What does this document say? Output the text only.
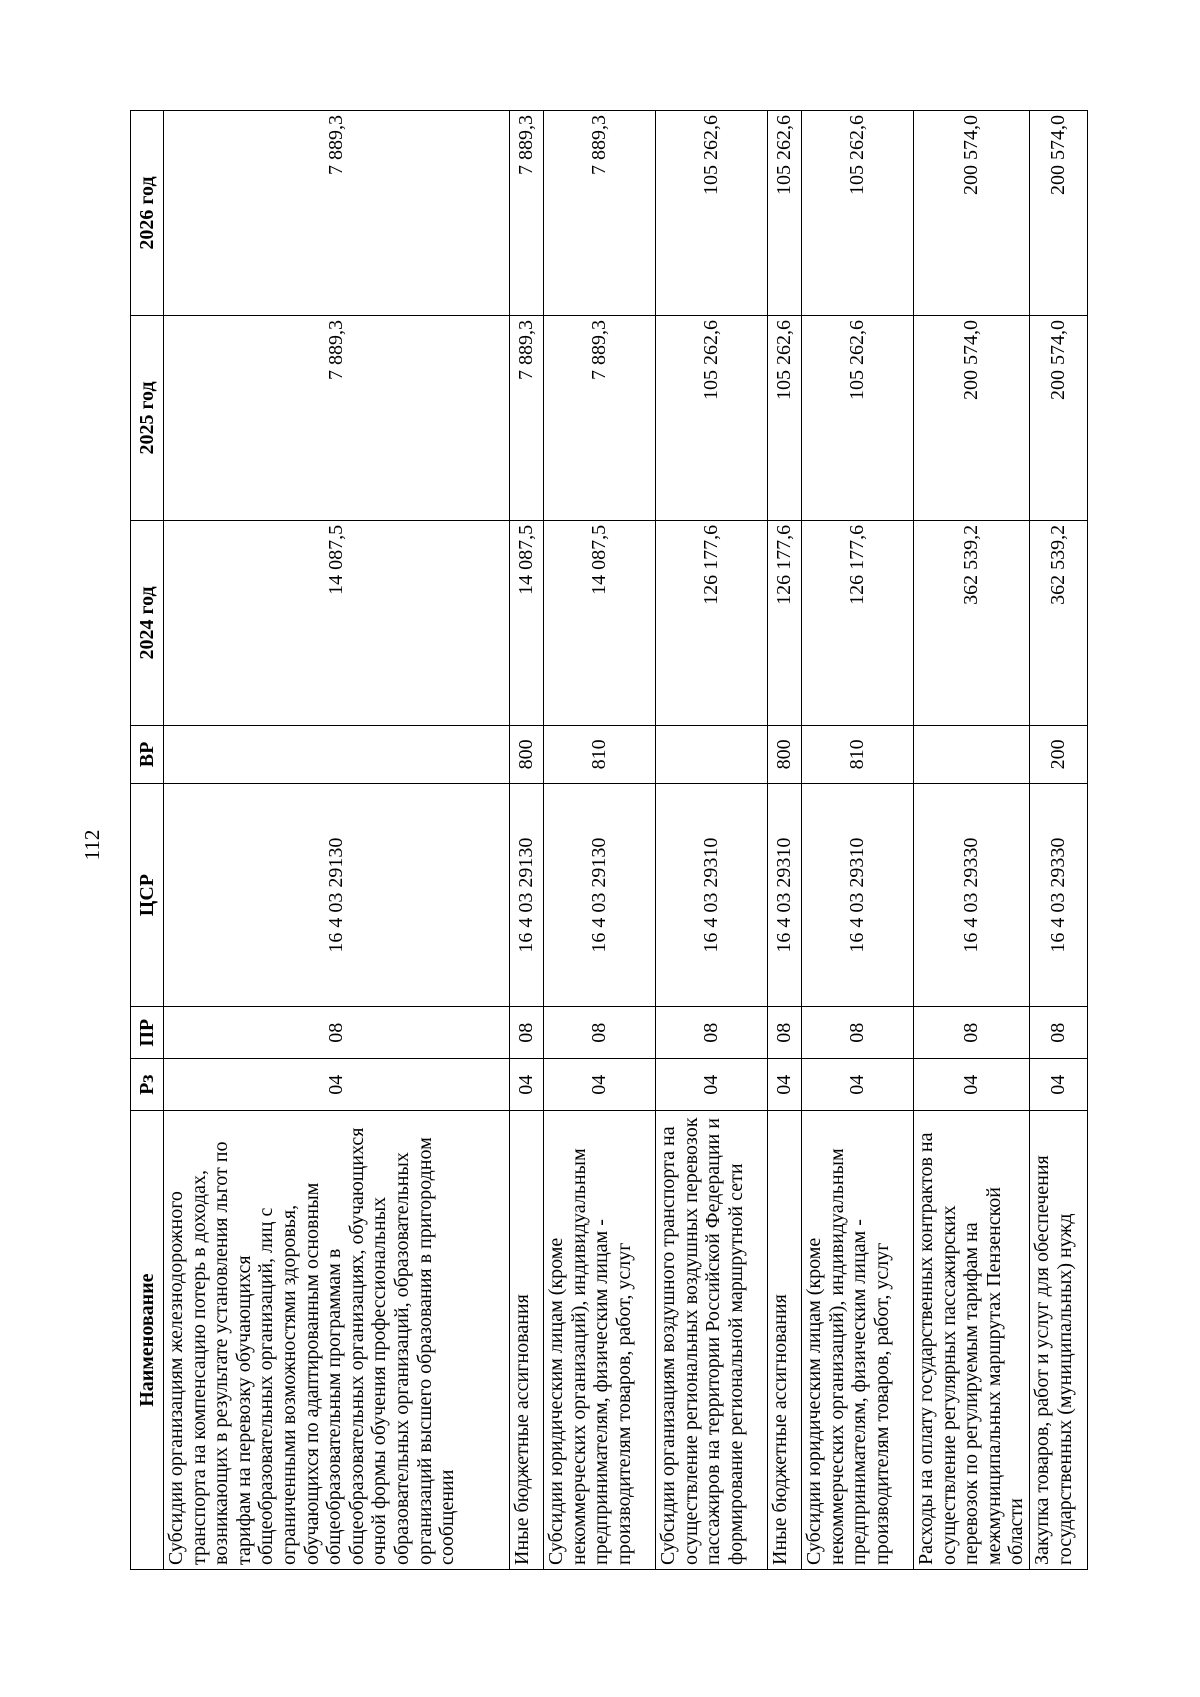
112
Наименование	Рз	ПР	ЦСР	ВР	2024 год	2025 год	2026 год
Субсидии организациям железнодорожного транспорта на компенсацию потерь в доходах, возникающих в результате установления льгот по тарифам на перевозку обучающихся общеобразовательных организаций, лиц с ограниченными возможностями здоровья, обучающихся по адаптированным основным общеобразовательным программам в общеобразовательных организациях, обучающихся очной формы обучения профессиональных образовательных организаций, образовательных организаций высшего образования в пригородном сообщении	04	08	16 4 03 29130		14 087,5	7 889,3	7 889,3
Иные бюджетные ассигнования	04	08	16 4 03 29130	800	14 087,5	7 889,3	7 889,3
Субсидии юридическим лицам (кроме некоммерческих организаций), индивидуальным предпринимателям, физическим лицам - производителям товаров, работ, услуг	04	08	16 4 03 29130	810	14 087,5	7 889,3	7 889,3
Субсидии организациям воздушного транспорта на осуществление региональных воздушных перевозок пассажиров на территории Российской Федерации и формирование региональной маршрутной сети	04	08	16 4 03 29310		126 177,6	105 262,6	105 262,6
Иные бюджетные ассигнования	04	08	16 4 03 29310	800	126 177,6	105 262,6	105 262,6
Субсидии юридическим лицам (кроме некоммерческих организаций), индивидуальным предпринимателям, физическим лицам - производителям товаров, работ, услуг	04	08	16 4 03 29310	810	126 177,6	105 262,6	105 262,6
Расходы на оплату государственных контрактов на осуществление регулярных пассажирских перевозок по регулируемым тарифам на межмуниципальных маршрутах Пензенской области	04	08	16 4 03 29330		362 539,2	200 574,0	200 574,0
Закупка товаров, работ и услуг для обеспечения государственных (муниципальных) нужд	04	08	16 4 03 29330	200	362 539,2	200 574,0	200 574,0
